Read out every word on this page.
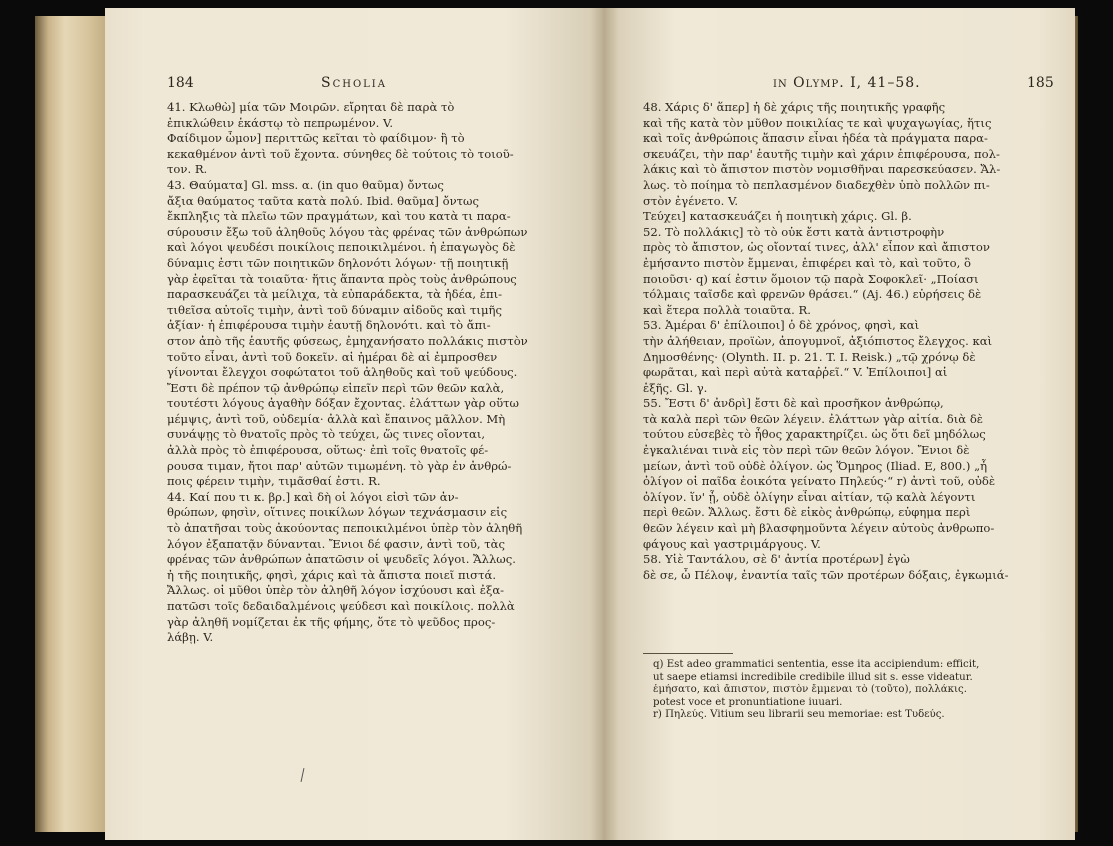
184	Scholia
41. Κλωθὼ] μία τῶν Μοιρῶν. εἴρηται δὲ παρὰ τὸ
ἐπικλώθειν ἑκάστῳ τὸ πεπρωμένον. V.
Φαίδιμον ὦμον] περιττῶς κεῖται τὸ φαίδιμον· ἢ τὸ
κεκαθμένον ἀντὶ τοῦ ἔχοντα. σύνηθες δὲ τούτοις τὸ τοιοῦ-
τον. R.
43. Θαύματα] Gl. mss. α. (in quo θαῦμα) ὄντως
ἄξια θαύματος ταῦτα κατὰ πολύ. Ibid. θαῦμα] ὄντως
ἔκπληξις τὰ πλεῖω τῶν πραγμάτων, καὶ του κατὰ τι παρα-
σύρουσιν ἔξω τοῦ ἀληθοῦς λόγου τὰς φρένας τῶν ἀνθρώπων
καὶ λόγοι ψευδέσι ποικίλοις πεποικιλμένοι. ἡ ἐπαγωγὸς δὲ
δύναμις ἐστι τῶν ποιητικῶν δηλονότι λόγων· τῇ ποιητικῇ
γὰρ ἐφεῖται τὰ τοιαῦτα· ἥτις ἅπαντα πρὸς τοὺς ἀνθρώπους
παρασκευάζει τὰ μείλιχα, τὰ εὐπαράδεκτα, τὰ ἡδέα, ἐπι-
τιθεῖσα αὐτοῖς τιμὴν, ἀντὶ τοῦ δύναμιν αἰδοῦς καὶ τιμῆς
ἀξίαν· ἡ ἐπιφέρουσα τιμὴν ἑαυτῇ δηλονότι. καὶ τὸ ἄπι-
στον ἀπὸ τῆς ἑαυτῆς φύσεως, ἐμηχανήσατο πολλάκις πιστὸν
τοῦτο εἶναι, ἀντὶ τοῦ δοκεῖν. αἱ ἡμέραι δὲ αἱ ἐμπροσθεν
γίνονται ἔλεγχοι σοφώτατοι τοῦ ἀληθοῦς καὶ τοῦ ψεύδους.
Ἔστι δὲ πρέπον τῷ ἀνθρώπῳ εἰπεῖν περὶ τῶν θεῶν καλὰ,
τουτέστι λόγους ἀγαθὴν δόξαν ἔχοντας. ἐλάττων γὰρ οὕτω
μέμψις, ἀντὶ τοῦ, οὐδεμία· ἀλλὰ καὶ ἔπαινος μᾶλλον. Μὴ
συνάψῃς τὸ θνατοῖς πρὸς τὸ τεύχει, ὥς τινες οἴονται,
ἀλλὰ πρὸς τὸ ἐπιφέρουσα, οὕτως· ἐπὶ τοῖς θνατοῖς φέ-
ρουσα τιμαν, ἤτοι παρ' αὐτῶν τιμωμένη. τὸ γὰρ ἐν ἀνθρώ-
ποις φέρειν τιμὴν, τιμᾶσθαί ἐστι. R.
44. Καί που τι κ. βρ.] καὶ δὴ οἱ λόγοι εἰσὶ τῶν ἀν-
θρώπων, φησὶν, οἵτινες ποικίλων λόγων τεχνάσμασιν εἰς
τὸ ἀπατῆσαι τοὺς ἀκούοντας πεποικιλμένοι ὑπὲρ τὸν ἀληθῆ
λόγον ἐξαπατᾷν δύνανται. Ἔνιοι δέ φασιν, ἀντὶ τοῦ, τὰς
φρένας τῶν ἀνθρώπων ἀπατῶσιν οἱ ψευδεῖς λόγοι. Ἄλλως.
ἡ τῆς ποιητικῆς, φησὶ, χάρις καὶ τὰ ἄπιστα ποιεῖ πιστά.
Ἄλλως. οἱ μῦθοι ὑπὲρ τὸν ἀληθῆ λόγον ἰσχύουσι καὶ ἐξα-
πατῶσι τοῖς δεδαιδαλμένοις ψεύδεσι καὶ ποικίλοις. πολλὰ
γὰρ ἀληθῆ νομίζεται ἐκ τῆς φήμης, ὅτε τὸ ψεῦδος προς-
λάβῃ. V.
in Olymp. I, 41–58.	185
48. Χάρις δ' ἅπερ] ἡ δὲ χάρις τῆς ποιητικῆς γραφῆς
καὶ τῆς κατὰ τὸν μῦθον ποικιλίας τε καὶ ψυχαγωγίας, ἥτις
καὶ τοῖς ἀνθρώποις ἅπασιν εἶναι ἡδέα τὰ πράγματα παρα-
σκευάζει, τὴν παρ' ἑαυτῆς τιμὴν καὶ χάριν ἐπιφέρουσα, πολ-
λάκις καὶ τὸ ἄπιστον πιστὸν νομισθῆναι παρεσκεύασεν. Ἄλ-
λως. τὸ ποίημα τὸ πεπλασμένον διαδεχθὲν ὑπὸ πολλῶν πι-
στὸν ἐγένετο. V.
Τεύχει] κατασκευάζει ἡ ποιητικὴ χάρις. Gl. β.
52. Τὸ πολλάκις] τὸ τὸ οὐκ ἔστι κατὰ ἀντιστροφὴν
πρὸς τὸ ἄπιστον, ὡς οἴονταί τινες, ἀλλ' εἶπον καὶ ἄπιστον
ἐμήσαντο πιστὸν ἔμμεναι, ἐπιφέρει καὶ τὸ, καὶ τοῦτο, ὃ
ποιοῦσι· q) καί ἐστιν ὅμοιον τῷ παρὰ Σοφοκλεῖ· „Ποίασι
τόλμαις ταῖσδε καὶ φρενῶν θράσει.“ (Aj. 46.) εὑρήσεις δὲ
καὶ ἕτερα πολλὰ τοιαῦτα. R.
53. Ἁμέραι δ' ἐπίλοιποι] ὁ δὲ χρόνος, φησὶ, καὶ
τὴν ἀλήθειαν, προϊὼν, ἀπογυμνοῖ, ἀξιόπιστος ἔλεγχος. καὶ
Δημοσθένης· (Olynth. II. p. 21. T. I. Reisk.) „τῷ χρόνῳ δὲ
φωρᾶται, καὶ περὶ αὐτὰ καταῤῥεῖ.“ V. Ἐπίλοιποι] αἱ
ἑξῆς. Gl. γ.
55. Ἔστι δ' ἀνδρὶ] ἔστι δὲ καὶ προσῆκον ἀνθρώπῳ,
τὰ καλὰ περὶ τῶν θεῶν λέγειν. ἐλάττων γὰρ αἰτία. διὰ δὲ
τούτου εὐσεβὲς τὸ ἦθος χαρακτηρίζει. ὡς ὅτι δεῖ μηδόλως
ἐγκαλιέναι τινὰ εἰς τὸν περὶ τῶν θεῶν λόγον. Ἔνιοι δὲ
μείων, ἀντὶ τοῦ οὐδὲ ὀλίγον. ὡς Ὅμηρος (Iliad. E, 800.) „ἦ
ὀλίγον οἱ παῖδα ἐοικότα γείνατο Πηλεύς·“ r) ἀντὶ τοῦ, οὐδὲ
ὀλίγον. ἵν' ᾖ, οὐδὲ ὀλίγην εἶναι αἰτίαν, τῷ καλὰ λέγοντι
περὶ θεῶν. Ἄλλως. ἔστι δὲ εἰκὸς ἀνθρώπῳ, εὐφημα περὶ
θεῶν λέγειν καὶ μὴ βλασφημοῦντα λέγειν αὐτοὺς ἀνθρωπο-
φάγους καὶ γαστριμάργους. V.
58. Υἱὲ Ταντάλου, σὲ δ' ἀντία προτέρων] ἐγὼ
δὲ σε, ὦ Πέλοψ, ἐναντία ταῖς τῶν προτέρων δόξαις, ἐγκωμιά-
q) Est adeo grammatici sententia, esse ita accipiendum: efficit,
ut saepe etiamsi incredibile credibile illud sit s. esse videatur.
ἐμήσατο, καὶ ἄπιστον, πιστὸν ἔμμεναι τὸ (τοῦτο), πολλάκις.
potest voce et pronuntiatione iuuari.
r) Πηλεύς. Vitium seu librarii seu memoriae: est Τυδεύς.
